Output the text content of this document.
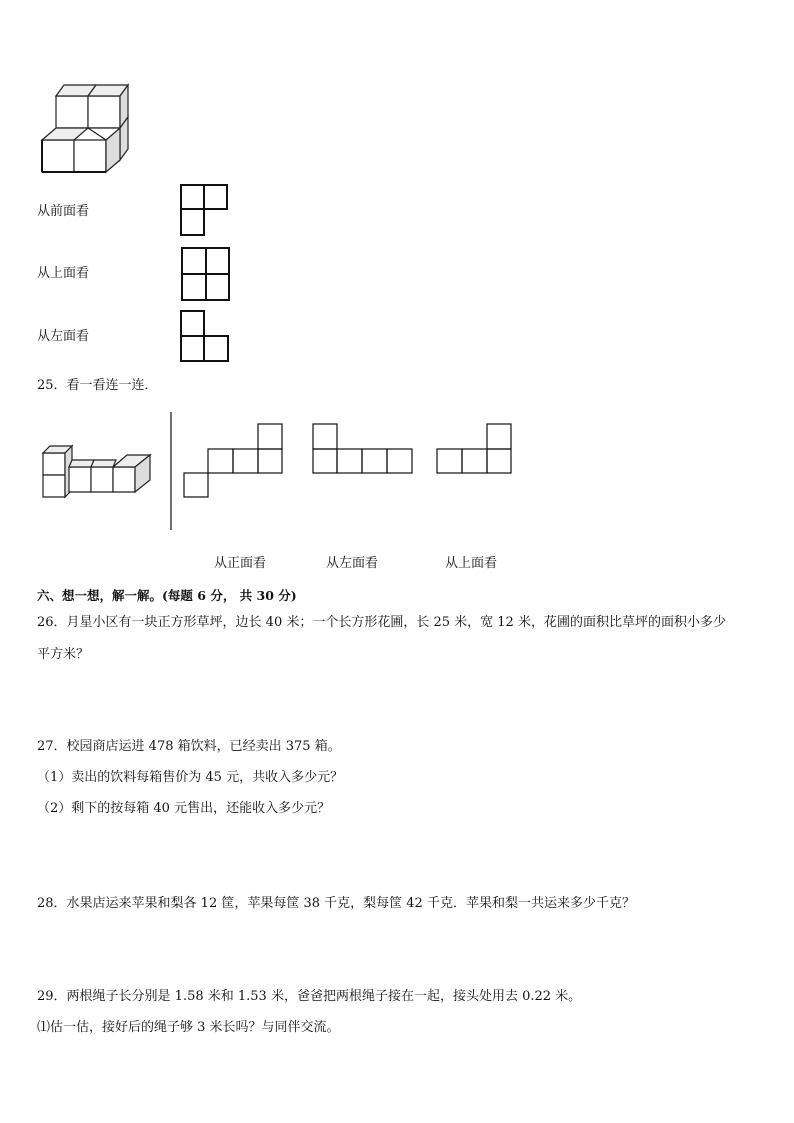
从前面看
从上面看
从左面看
25．看一看连一连．
从正面看	从左面看	从上面看
六、想一想，解一解。(每题 6 分， 共 30 分)
26．月星小区有一块正方形草坪，边长 40 米；一个长方形花圃，长 25 米，宽 12 米，花圃的面积比草坪的面积小多少
平方米？
27．校园商店运进 478 箱饮料，已经卖出 375 箱。
（1）卖出的饮料每箱售价为 45 元，共收入多少元？
（2）剩下的按每箱 40 元售出，还能收入多少元？
28．水果店运来苹果和梨各 12 筐，苹果每筐 38 千克，梨每筐 42 千克．苹果和梨一共运来多少千克？
29．两根绳子长分别是 1.58 米和 1.53 米，爸爸把两根绳子接在一起，接头处用去 0.22 米。
⑴估一估，接好后的绳子够 3 米长吗？与同伴交流。
